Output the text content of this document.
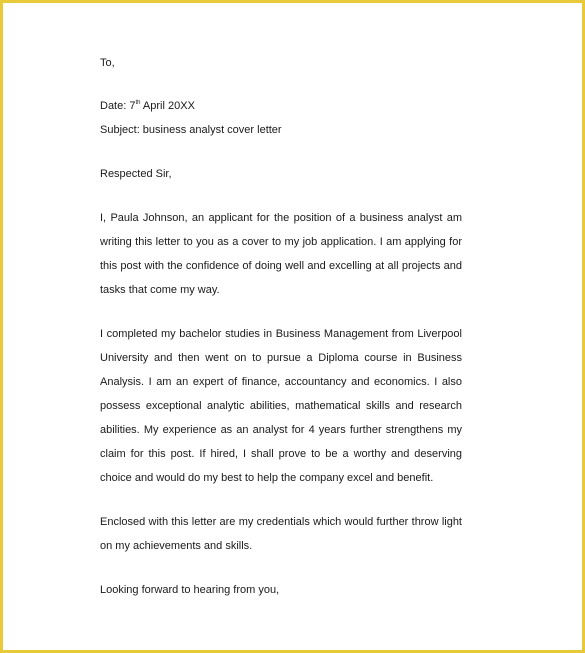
To,
Date: 7th April 20XX
Subject: business analyst cover letter
Respected Sir,
I, Paula Johnson, an applicant for the position of a business analyst am writing this letter to you as a cover to my job application. I am applying for this post with the confidence of doing well and excelling at all projects and tasks that come my way.
I completed my bachelor studies in Business Management from Liverpool University and then went on to pursue a Diploma course in Business Analysis. I am an expert of finance, accountancy and economics. I also possess exceptional analytic abilities, mathematical skills and research abilities. My experience as an analyst for 4 years further strengthens my claim for this post. If hired, I shall prove to be a worthy and deserving choice and would do my best to help the company excel and benefit.
Enclosed with this letter are my credentials which would further throw light on my achievements and skills.
Looking forward to hearing from you,
